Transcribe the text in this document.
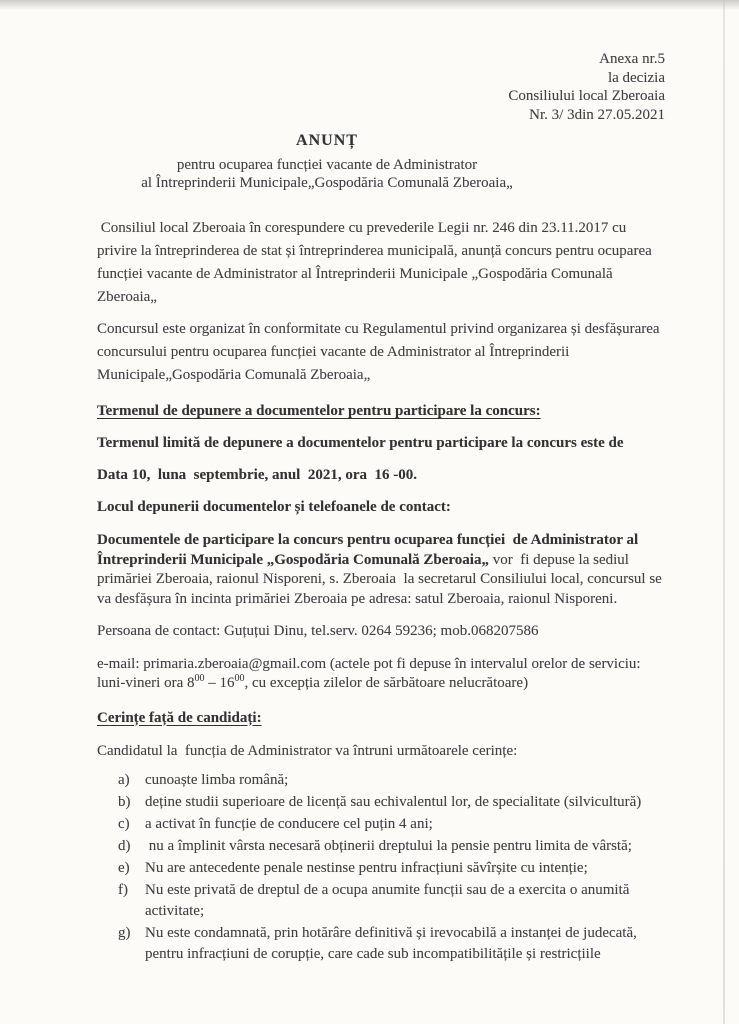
Anexa nr.5
la decizia
Consiliului local Zberoaia
Nr. 3/ 3din 27.05.2021
ANUNȚ
pentru ocuparea funcției vacante de Administrator
al Întreprinderii Municipale„Gospodăria Comunală Zberoaia„

Consiliul local Zberoaia în corespundere cu prevederile Legii nr. 246 din 23.11.2017 cu privire la întreprinderea de stat și întreprinderea municipală, anunță concurs pentru ocuparea funcției vacante de Administrator al Întreprinderii Municipale „Gospodăria Comunală Zberoaia„

Concursul este organizat în conformitate cu Regulamentul privind organizarea și desfășurarea concursului pentru ocuparea funcției vacante de Administrator al Întreprinderii Municipale„Gospodăria Comunală Zberoaia„

Termenul de depunere a documentelor pentru participare la concurs:

Termenul limită de depunere a documentelor pentru participare la concurs este de

Data 10,  luna  septembrie, anul  2021, ora  16 -00.

Locul depunerii documentelor și telefoanele de contact:

Documentele de participare la concurs pentru ocuparea funcției  de Administrator al Întreprinderii Municipale „Gospodăria Comunală Zberoaia„ vor  fi depuse la sediul primăriei Zberoaia, raionul Nisporeni, s. Zberoaia  la secretarul Consiliului local, concursul se va desfășura în incinta primăriei Zberoaia pe adresa: satul Zberoaia, raionul Nisporeni.

Persoana de contact: Guțuțui Dinu, tel.serv. 0264 59236; mob.068207586

e-mail: primaria.zberoaia@gmail.com (actele pot fi depuse în intervalul orelor de serviciu: luni-vineri ora $8^{00} - 16^{00}$, cu excepția zilelor de sărbătoare nelucrătoare)

Cerințe față de candidați:

Candidatul la  funcția de Administrator va întruni următoarele cerințe:

a)	cunoaște limba română;
b) deține studii superioare de licență sau echivalentul lor, de specialitate (silvicultură)
c)	a activat în funcție de conducere cel puțin 4 ani;
d) nu a împlinit vârsta necesară obținerii dreptului la pensie pentru limita de vârstă;
e)	Nu are antecedente penale nestinse pentru infracțiuni săvîrșite cu intenție;
f)	Nu este privată de dreptul de a ocupa anumite funcții sau de a exercita o anumită activitate;
g) Nu este condamnată, prin hotărâre definitivă și irevocabilă a instanței de judecată, pentru infracțiuni de corupție, care cade sub incompatibilitățile și restricțiile
